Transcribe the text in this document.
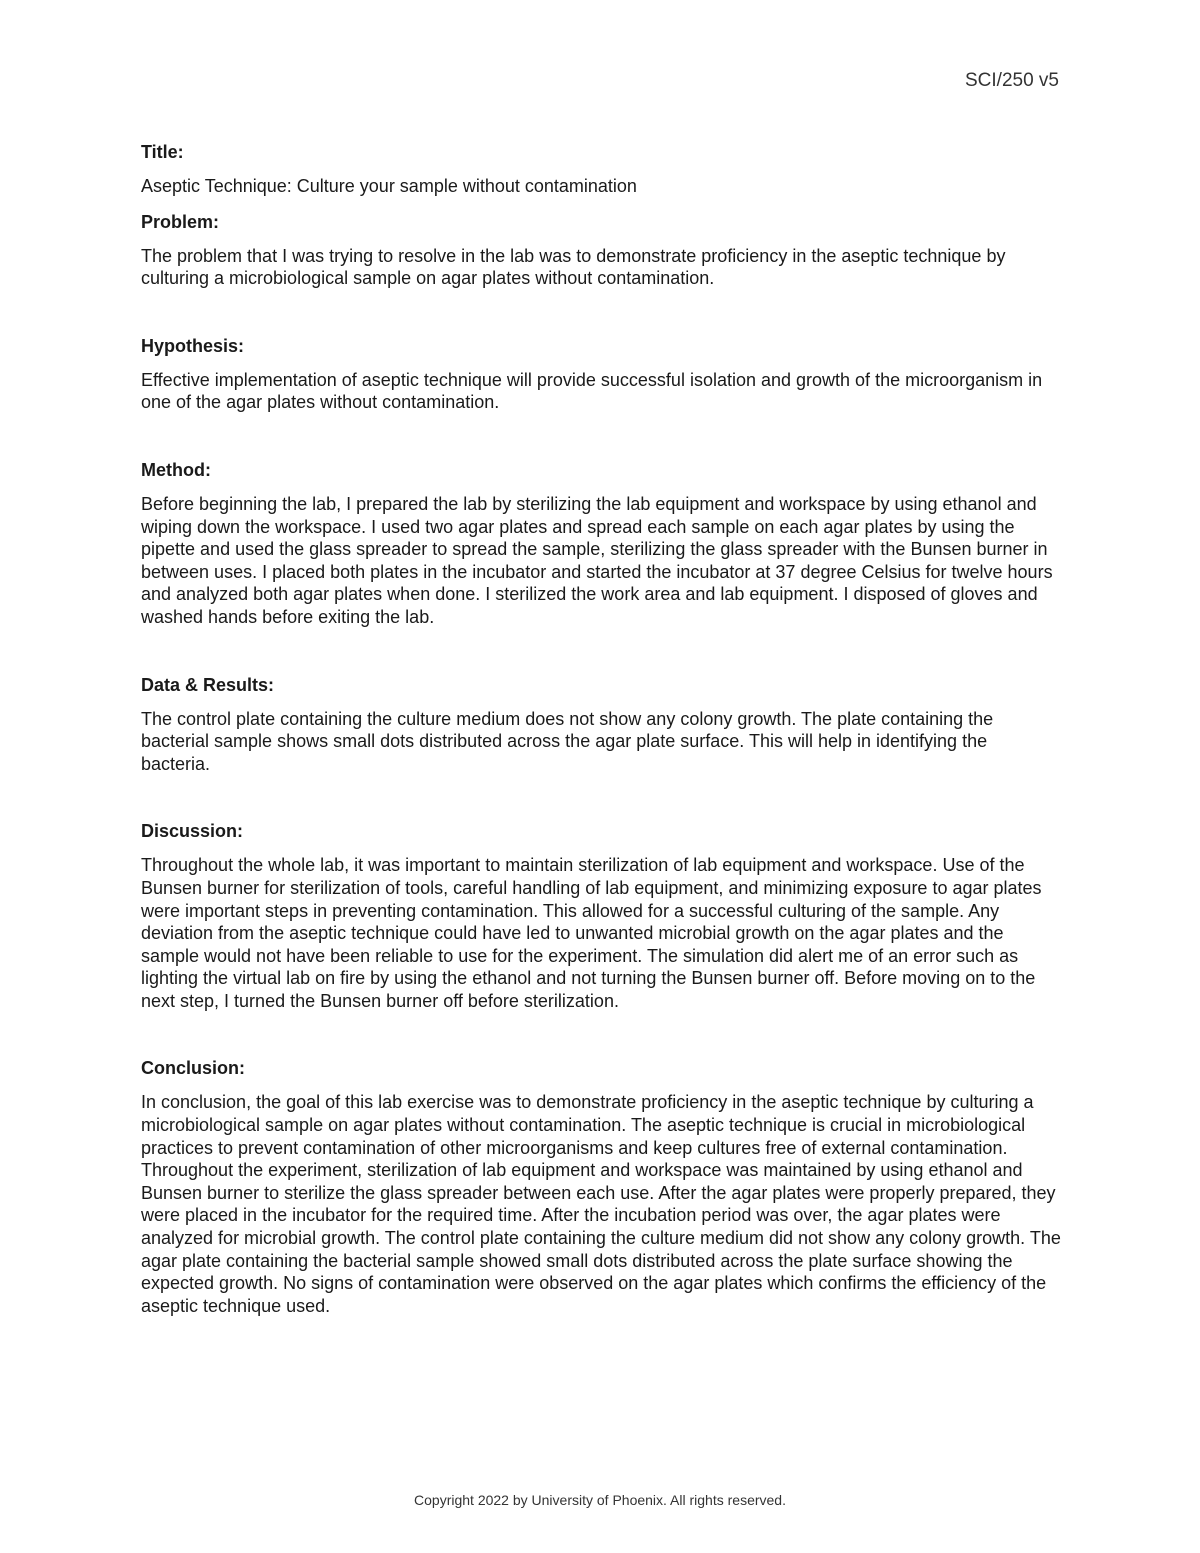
SCI/250 v5

Title:

Aseptic Technique: Culture your sample without contamination

Problem:

The problem that I was trying to resolve in the lab was to demonstrate proficiency in the aseptic technique by culturing a microbiological sample on agar plates without contamination.

Hypothesis:

Effective implementation of aseptic technique will provide successful isolation and growth of the microorganism in one of the agar plates without contamination.

Method:

Before beginning the lab, I prepared the lab by sterilizing the lab equipment and workspace by using ethanol and wiping down the workspace. I used two agar plates and spread each sample on each agar plates by using the pipette and used the glass spreader to spread the sample, sterilizing the glass spreader with the Bunsen burner in between uses. I placed both plates in the incubator and started the incubator at 37 degree Celsius for twelve hours and analyzed both agar plates when done. I sterilized the work area and lab equipment. I disposed of gloves and washed hands before exiting the lab.

Data & Results:

The control plate containing the culture medium does not show any colony growth. The plate containing the bacterial sample shows small dots distributed across the agar plate surface. This will help in identifying the bacteria.

Discussion:

Throughout the whole lab, it was important to maintain sterilization of lab equipment and workspace. Use of the Bunsen burner for sterilization of tools, careful handling of lab equipment, and minimizing exposure to agar plates were important steps in preventing contamination. This allowed for a successful culturing of the sample. Any deviation from the aseptic technique could have led to unwanted microbial growth on the agar plates and the sample would not have been reliable to use for the experiment. The simulation did alert me of an error such as lighting the virtual lab on fire by using the ethanol and not turning the Bunsen burner off. Before moving on to the next step, I turned the Bunsen burner off before sterilization.

Conclusion:

In conclusion, the goal of this lab exercise was to demonstrate proficiency in the aseptic technique by culturing a microbiological sample on agar plates without contamination. The aseptic technique is crucial in microbiological practices to prevent contamination of other microorganisms and keep cultures free of external contamination. Throughout the experiment, sterilization of lab equipment and workspace was maintained by using ethanol and Bunsen burner to sterilize the glass spreader between each use. After the agar plates were properly prepared, they were placed in the incubator for the required time. After the incubation period was over, the agar plates were analyzed for microbial growth. The control plate containing the culture medium did not show any colony growth. The agar plate containing the bacterial sample showed small dots distributed across the plate surface showing the expected growth. No signs of contamination were observed on the agar plates which confirms the efficiency of the aseptic technique used.

Copyright 2022 by University of Phoenix. All rights reserved.
